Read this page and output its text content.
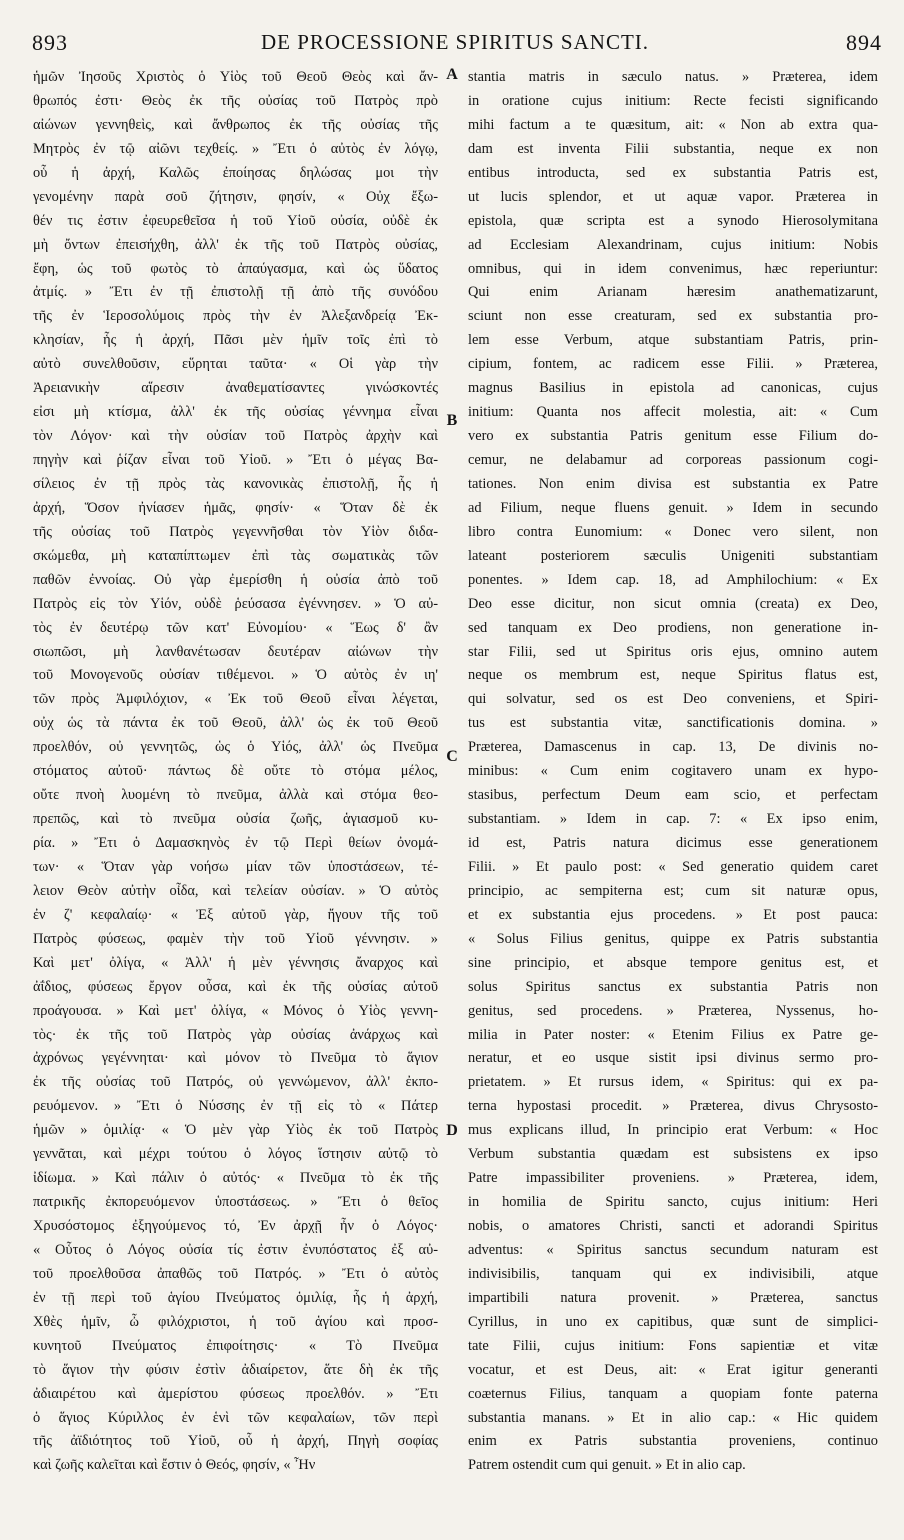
893	DE PROCESSIONE SPIRITUS SANCTI.	894
ἡμῶν Ἰησοῦς Χριστὸς ὁ Υἱὸς τοῦ Θεοῦ Θεὸς καὶ ἄν-
θρωπός ἐστι· Θεὸς ἐκ τῆς οὐσίας τοῦ Πατρὸς πρὸ
αἰώνων γεννηθεὶς, καὶ ἄνθρωπος ἐκ τῆς οὐσίας τῆς
Μητρὸς ἐν τῷ αἰῶνι τεχθείς. » Ἔτι ὁ αὐτὸς ἐν λόγῳ,
οὗ ἡ ἀρχή, Καλῶς ἐποίησας δηλώσας μοι τὴν
γενομένην παρὰ σοῦ ζήτησιν, φησίν, « Οὐχ ἔξω-
θέν τις ἐστιν ἐφευρεθεῖσα ἡ τοῦ Υἱοῦ οὐσία, οὐδὲ ἐκ
μὴ ὄντων ἐπεισήχθη, ἀλλ' ἐκ τῆς τοῦ Πατρὸς οὐσίας,
ἔφη, ὡς τοῦ φωτὸς τὸ ἀπαύγασμα, καὶ ὡς ὕδατος
ἀτμίς. » Ἔτι ἐν τῇ ἐπιστολῇ τῇ ἀπὸ τῆς συνόδου
τῆς ἐν Ἱεροσολύμοις πρὸς τὴν ἐν Ἀλεξανδρείᾳ Ἐκ-
κλησίαν, ἧς ἡ ἀρχή, Πᾶσι μὲν ἡμῖν τοῖς ἐπὶ τὸ
αὐτὸ συνελθοῦσιν, εὕρηται ταῦτα· « Οἱ γὰρ τὴν
Ἀρειανικὴν αἵρεσιν ἀναθεματίσαντες γινώσκοντές
εἰσι μὴ κτίσμα, ἀλλ' ἐκ τῆς οὐσίας γέννημα εἶναι
τὸν Λόγον· καὶ τὴν οὐσίαν τοῦ Πατρὸς ἀρχὴν καὶ
πηγὴν καὶ ῥίζαν εἶναι τοῦ Υἱοῦ. » Ἔτι ὁ μέγας Βα-
σίλειος ἐν τῇ πρὸς τὰς κανονικὰς ἐπιστολῇ, ἧς ἡ
ἀρχή, Ὅσον ἠνίασεν ἡμᾶς, φησίν· « Ὅταν δὲ ἐκ
τῆς οὐσίας τοῦ Πατρὸς γεγεννῆσθαι τὸν Υἱὸν διδα-
σκώμεθα, μὴ καταπίπτωμεν ἐπὶ τὰς σωματικὰς τῶν
παθῶν ἐννοίας. Οὐ γὰρ ἐμερίσθη ἡ οὐσία ἀπὸ τοῦ
Πατρὸς εἰς τὸν Υἱόν, οὐδὲ ῥεύσασα ἐγέννησεν. » Ὁ αὐ-
τὸς ἐν δευτέρῳ τῶν κατ' Εὐνομίου· « Ἕως δ' ἂν
σιωπῶσι, μὴ λανθανέτωσαν δευτέραν αἰώνων τὴν
τοῦ Μονογενοῦς οὐσίαν τιθέμενοι. » Ὁ αὐτὸς ἐν ιη'
τῶν πρὸς Ἀμφιλόχιον, « Ἐκ τοῦ Θεοῦ εἶναι λέγεται,
οὐχ ὡς τὰ πάντα ἐκ τοῦ Θεοῦ, ἀλλ' ὡς ἐκ τοῦ Θεοῦ
προελθόν, οὐ γεννητῶς, ὡς ὁ Υἱός, ἀλλ' ὡς Πνεῦμα
στόματος αὐτοῦ· πάντως δὲ οὔτε τὸ στόμα μέλος,
οὔτε πνοὴ λυομένη τὸ πνεῦμα, ἀλλὰ καὶ στόμα θεο-
πρεπῶς, καὶ τὸ πνεῦμα οὐσία ζωῆς, ἁγιασμοῦ κυ-
ρία. » Ἔτι ὁ Δαμασκηνὸς ἐν τῷ Περὶ θείων ὀνομά-
των· « Ὅταν γὰρ νοήσω μίαν τῶν ὑποστάσεων, τέ-
λειον Θεὸν αὐτὴν οἶδα, καὶ τελείαν οὐσίαν. » Ὁ αὐτὸς
ἐν ζ' κεφαλαίῳ· « Ἐξ αὐτοῦ γὰρ, ἤγουν τῆς τοῦ
Πατρὸς φύσεως, φαμὲν τὴν τοῦ Υἱοῦ γέννησιν. »
Καὶ μετ' ὀλίγα, « Ἀλλ' ἡ μὲν γέννησις ἄναρχος καὶ
ἀΐδιος, φύσεως ἔργον οὖσα, καὶ ἐκ τῆς οὐσίας αὐτοῦ
προάγουσα. » Καὶ μετ' ὀλίγα, « Μόνος ὁ Υἱὸς γεννη-
τὸς· ἐκ τῆς τοῦ Πατρὸς γὰρ οὐσίας ἀνάρχως καὶ
ἀχρόνως γεγέννηται· καὶ μόνον τὸ Πνεῦμα τὸ ἅγιον
ἐκ τῆς οὐσίας τοῦ Πατρός, οὐ γεννώμενον, ἀλλ' ἐκπο-
ρευόμενον. » Ἔτι ὁ Νύσσης ἐν τῇ εἰς τὸ « Πάτερ
ἡμῶν » ὁμιλίᾳ· « Ὁ μὲν γὰρ Υἱὸς ἐκ τοῦ Πατρὸς
γεννᾶται, καὶ μέχρι τούτου ὁ λόγος ἵστησιν αὐτῷ τὸ
ἰδίωμα. » Καὶ πάλιν ὁ αὐτός· « Πνεῦμα τὸ ἐκ τῆς
πατρικῆς ἐκπορευόμενον ὑποστάσεως. » Ἔτι ὁ θεῖος
Χρυσόστομος ἐξηγούμενος τό, Ἐν ἀρχῇ ἦν ὁ Λόγος·
« Οὗτος ὁ Λόγος οὐσία τίς ἐστιν ἐνυπόστατος ἐξ αὐ-
τοῦ προελθοῦσα ἀπαθῶς τοῦ Πατρός. » Ἔτι ὁ αὐτὸς
ἐν τῇ περὶ τοῦ ἁγίου Πνεύματος ὁμιλίᾳ, ἧς ἡ ἀρχή,
Χθὲς ἡμῖν, ὦ φιλόχριστοι, ἡ τοῦ ἁγίου καὶ προσ-
κυνητοῦ Πνεύματος ἐπιφοίτησις· « Τὸ Πνεῦμα
τὸ ἅγιον τὴν φύσιν ἐστὶν ἀδιαίρετον, ἅτε δὴ ἐκ τῆς
ἀδιαιρέτου καὶ ἀμερίστου φύσεως προελθόν. » Ἔτι
ὁ ἅγιος Κύριλλος ἐν ἑνὶ τῶν κεφαλαίων, τῶν περὶ
τῆς ἀϊδιότητος τοῦ Υἱοῦ, οὗ ἡ ἀρχή, Πηγὴ σοφίας
καὶ ζωῆς καλεῖται καὶ ἔστιν ὁ Θεός, φησίν, « Ἦν
stantia matris in sæculo natus. » Præterea, idem
in oratione cujus initium: Recte fecisti significando
mihi factum a te quæsitum, ait: « Non ab extra qua-
dam est inventa Filii substantia, neque ex non
entibus introducta, sed ex substantia Patris est,
ut lucis splendor, et ut aquæ vapor. Præterea in
epistola, quæ scripta est a synodo Hierosolymitana
ad Ecclesiam Alexandrinam, cujus initium: Nobis
omnibus, qui in idem convenimus, hæc reperiuntur:
Qui enim Arianam hæresim anathematizarunt,
sciunt non esse creaturam, sed ex substantia pro-
lem esse Verbum, atque substantiam Patris, prin-
cipium, fontem, ac radicem esse Filii. » Præterea,
magnus Basilius in epistola ad canonicas, cujus
initium: Quanta nos affecit molestia, ait: « Cum
vero ex substantia Patris genitum esse Filium do-
cemur, ne delabamur ad corporeas passionum cogi-
tationes. Non enim divisa est substantia ex Patre
ad Filium, neque fluens genuit. » Idem in secundo
libro contra Eunomium: « Donec vero silent, non
lateant posteriorem sæculis Unigeniti substantiam
ponentes. » Idem cap. 18, ad Amphilochium: « Ex
Deo esse dicitur, non sicut omnia (creata) ex Deo,
sed tanquam ex Deo prodiens, non generatione in-
star Filii, sed ut Spiritus oris ejus, omnino autem
neque os membrum est, neque Spiritus flatus est,
qui solvatur, sed os est Deo conveniens, et Spiri-
tus est substantia vitæ, sanctificationis domina. »
Præterea, Damascenus in cap. 13, De divinis no-
minibus: « Cum enim cogitavero unam ex hypo-
stasibus, perfectum Deum eam scio, et perfectam
substantiam. » Idem in cap. 7: « Ex ipso enim,
id est, Patris natura dicimus esse generationem
Filii. » Et paulo post: « Sed generatio quidem caret
principio, ac sempiterna est; cum sit naturæ opus,
et ex substantia ejus procedens. » Et post pauca:
« Solus Filius genitus, quippe ex Patris substantia
sine principio, et absque tempore genitus est, et
solus Spiritus sanctus ex substantia Patris non
genitus, sed procedens. » Præterea, Nyssenus, ho-
milia in Pater noster: « Etenim Filius ex Patre ge-
neratur, et eo usque sistit ipsi divinus sermo pro-
prietatem. » Et rursus idem, « Spiritus: qui ex pa-
terna hypostasi procedit. » Præterea, divus Chrysosto-
mus explicans illud, In principio erat Verbum: « Hoc
Verbum substantia quædam est subsistens ex ipso
Patre impassibiliter proveniens. » Præterea, idem,
in homilia de Spiritu sancto, cujus initium: Heri
nobis, o amatores Christi, sancti et adorandi Spiritus
adventus: « Spiritus sanctus secundum naturam est
indivisibilis, tanquam qui ex indivisibili, atque
impartibili natura provenit. » Præterea, sanctus
Cyrillus, in uno ex capitibus, quæ sunt de simplici-
tate Filii, cujus initium: Fons sapientiæ et vitæ
vocatur, et est Deus, ait: « Erat igitur generanti
coæternus Filius, tanquam a quopiam fonte paterna
substantia manans. » Et in alio cap.: « Hic quidem
enim ex Patris substantia proveniens, continuo
Patrem ostendit cum qui genuit. » Et in alio cap.
A
B
C
D
